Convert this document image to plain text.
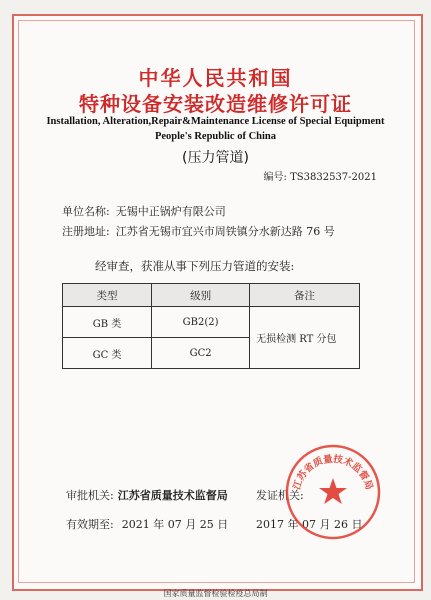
中华人民共和国
特种设备安装改造维修许可证
Installation, Alteration,Repair&Maintenance License of Special Equipment
People's Republic of China
(压力管道)
编号: TS3832537-2021
单位名称: 无锡中正锅炉有限公司
注册地址: 江苏省无锡市宜兴市周铁镇分水新达路 76 号
经审查，获准从事下列压力管道的安装:
类型	级别	备注
GB 类	GB2(2)	无损检测 RT 分包
GC 类	GC2	
审批机关: 江苏省质量技术监督局	发证机关:
有效期至: 2021 年 07 月 25 日	2017 年 07 月 26 日
江苏省质量技术监督局
国家质量监督检验检疫总局制
